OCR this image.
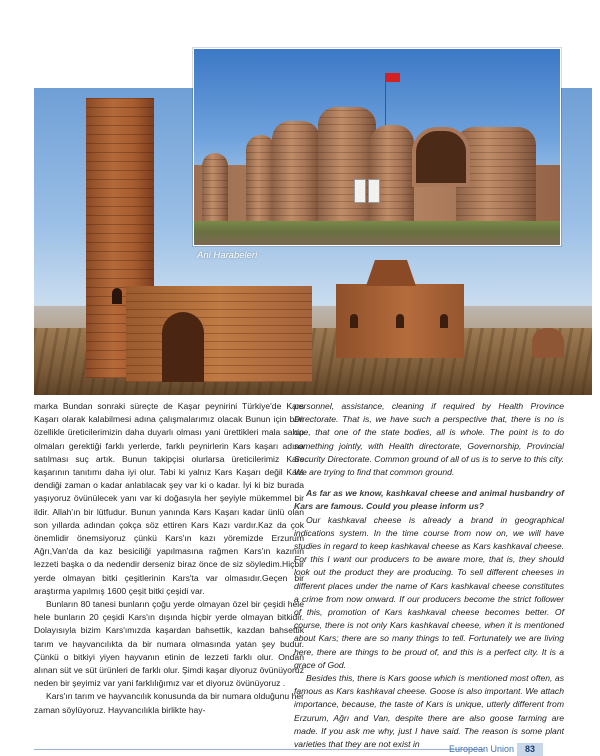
Ani Harabeleri

marka Bundan sonraki süreçte de Kaşar peynirini Türkiye'de Kars Kaşarı olarak kalabilmesi adına çalışmalarımız olacak Bunun için ben özellikle üreticilerimizin daha duyarlı olması yani ürettikleri mala sahip olmaları gerektiği farklı yerlerde, farklı peynirlerin Kars kaşarı adına satılması suç artık. Bunun takipçisi olurlarsa üreticilerimiz Kars kaşarının tanıtımı daha iyi olur. Tabi ki yalnız Kars Kaşarı değil Kars dendiği zaman o kadar anlatılacak şey var ki o kadar. İyi ki biz burada yaşıyoruz övünülecek yanı var ki doğasıyla her şeyiyle mükemmel bir ildir. Allah'ın bir lütfudur. Bunun yanında Kars Kaşarı kadar ünlü olan son yıllarda adından çokça söz ettiren Kars Kazı vardır.Kaz da çok önemlidir önemsiyoruz çünkü Kars'ın kazı yöremizde Erzurum Ağrı,Van'da da kaz besiciliği yapılmasına rağmen Kars'ın kazının lezzeti başka o da nedendir derseniz biraz önce de siz söyledim.Hiçbir yerde olmayan bitki çeşitlerinin Kars'ta var olmasıdır.Geçen bir araştırma yapılmış 1600 çeşit bitki çeşidi var.

Bunların 80 tanesi bunların çoğu yerde olmayan özel bir çeşidi hele hele bunların 20 çeşidi Kars'ın dışında hiçbir yerde olmayan bitkidir. Dolayısıyla bizim Kars'ımızda kaşardan bahsettik, kazdan bahsettik tarım ve hayvancılıkta da bir numara olmasında yatan şey budur. Çünkü o bitkiyi yiyen hayvanın etinin de lezzeti farklı olur. Ondan alınan süt ve süt ürünleri de farklı olur. Şimdi kaşar diyoruz övünüyoruz neden bir şeyimiz var yani farklılığımız var et diyoruz övünüyoruz .

Kars'ın tarım ve hayvancılık konusunda da bir numara olduğunu her zaman söylüyoruz. Hayvancılıkla birlikte hay-

personnel, assistance, cleaning if required by Health Province Directorate. That is, we have such a perspective that, there is no is one, that one of the state bodies, all is whole. The point is to do something jointly, with Health directorate, Governorship, Provincial Security Directorate. Common ground of all of us is to serve to this city. We are trying to find that common ground.

As far as we know, kashkaval cheese and animal husbandry of Kars are famous. Could you please inform us?

Our kashkaval cheese is already a brand in geographical indications system. In the time course from now on, we will have studies in regard to keep kashkaval cheese as Kars kashkaval cheese. For this I want our producers to be aware more, that is, they should look out the product they are producing. To sell different cheeses in different places under the name of Kars kashkaval cheese constitutes a crime from now onward. If our producers become the strict follower of this, promotion of Kars kashkaval cheese becomes better. Of course, there is not only Kars kashkaval cheese, when it is mentioned about Kars; there are so many things to tell. Fortunately we are living here, there are things to be proud of, and this is a perfect city. It is a grace of God.

Besides this, there is Kars goose which is mentioned most often, as famous as Kars kashkaval cheese. Goose is also important. We attach importance, because, the taste of Kars is unique, utterly different from Erzurum, Ağrı and Van, despite there are also goose farming are made. If you ask me why, just I have said. The reason is some plant varieties that they are not exist in	European Union	83
